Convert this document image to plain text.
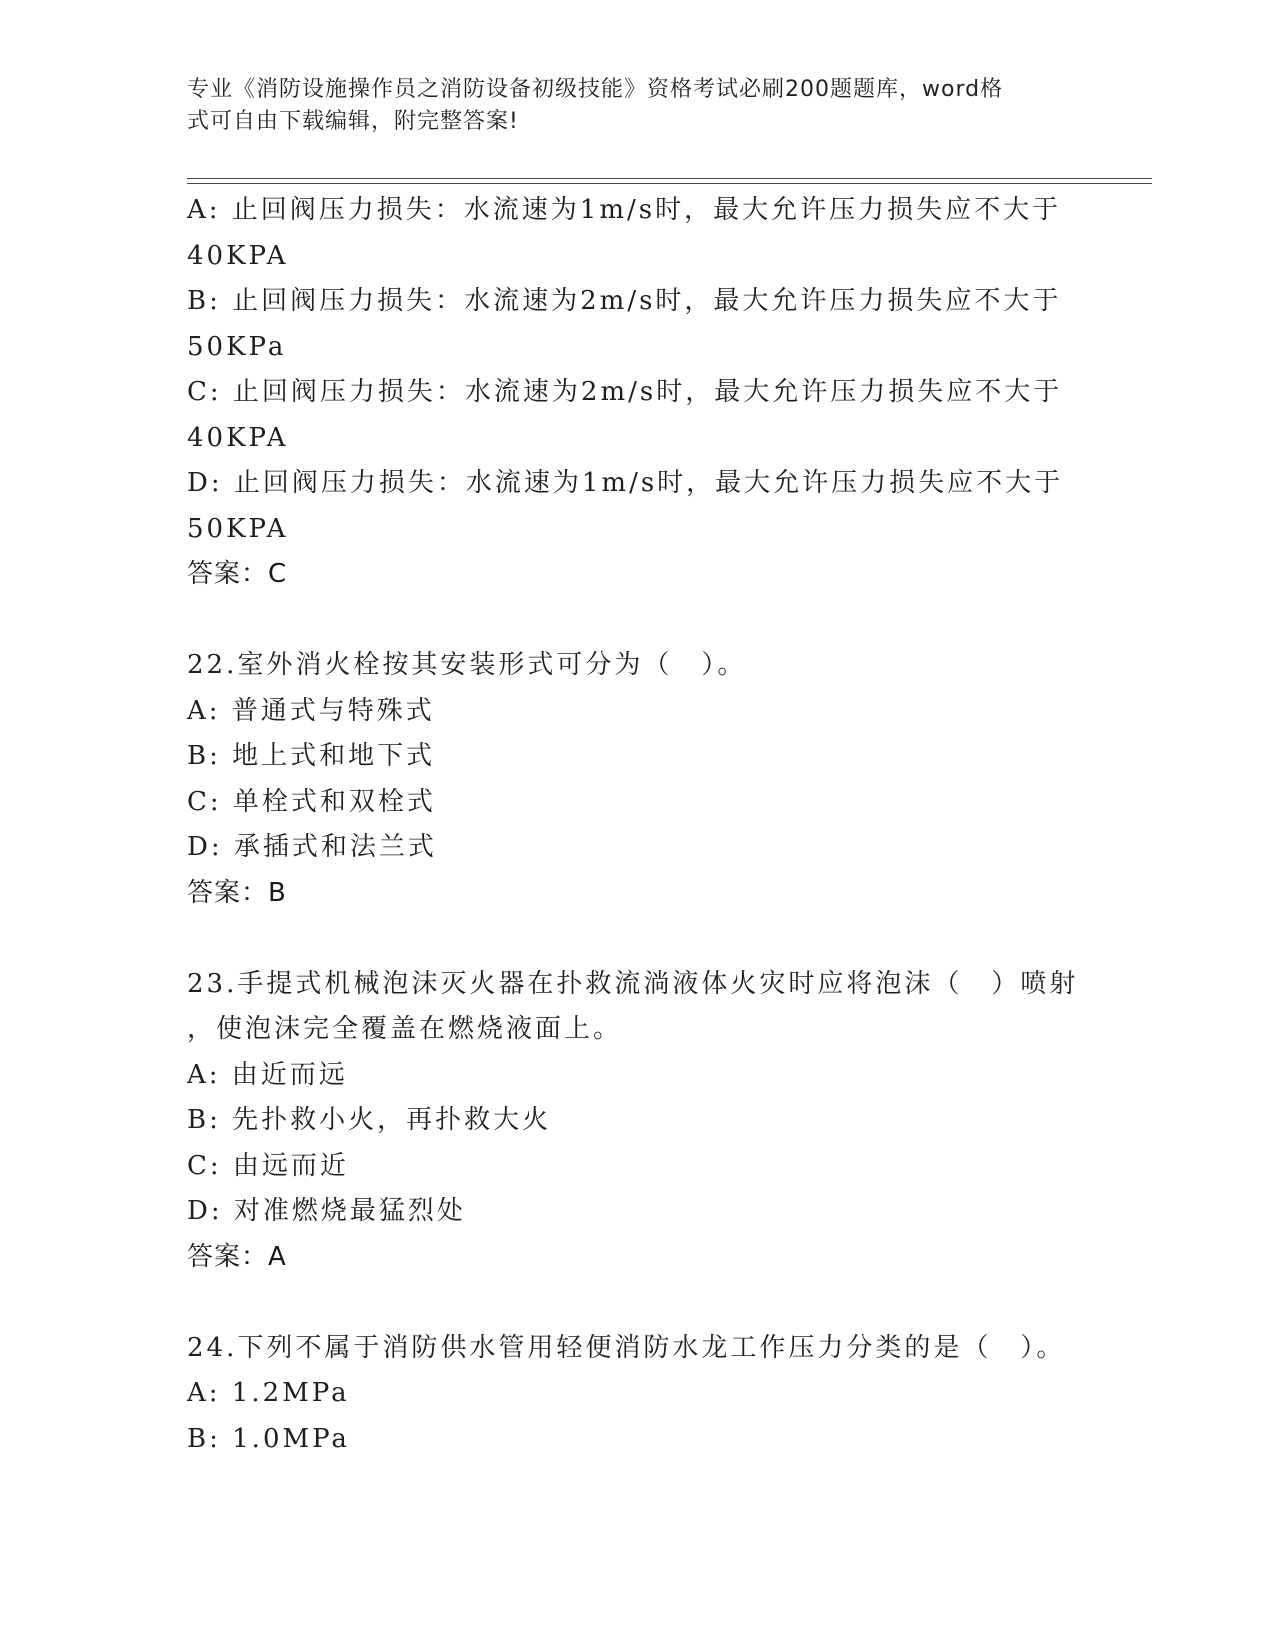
专业《消防设施操作员之消防设备初级技能》资格考试必刷200题题库，word格
式可自由下载编辑，附完整答案!
A: 止回阀压力损失：水流速为1m/s时，最大允许压力损失应不大于
40KPA
B: 止回阀压力损失：水流速为2m/s时，最大允许压力损失应不大于
50KPa
C: 止回阀压力损失：水流速为2m/s时，最大允许压力损失应不大于
40KPA
D: 止回阀压力损失：水流速为1m/s时，最大允许压力损失应不大于
50KPA
答案：C
22.室外消火栓按其安装形式可分为（　）。
A: 普通式与特殊式
B: 地上式和地下式
C: 单栓式和双栓式
D: 承插式和法兰式
答案：B
23.手提式机械泡沫灭火器在扑救流淌液体火灾时应将泡沫（　）喷射
，使泡沫完全覆盖在燃烧液面上。
A: 由近而远
B: 先扑救小火，再扑救大火
C: 由远而近
D: 对准燃烧最猛烈处
答案：A
24.下列不属于消防供水管用轻便消防水龙工作压力分类的是（　）。
A: 1.2MPa
B: 1.0MPa
